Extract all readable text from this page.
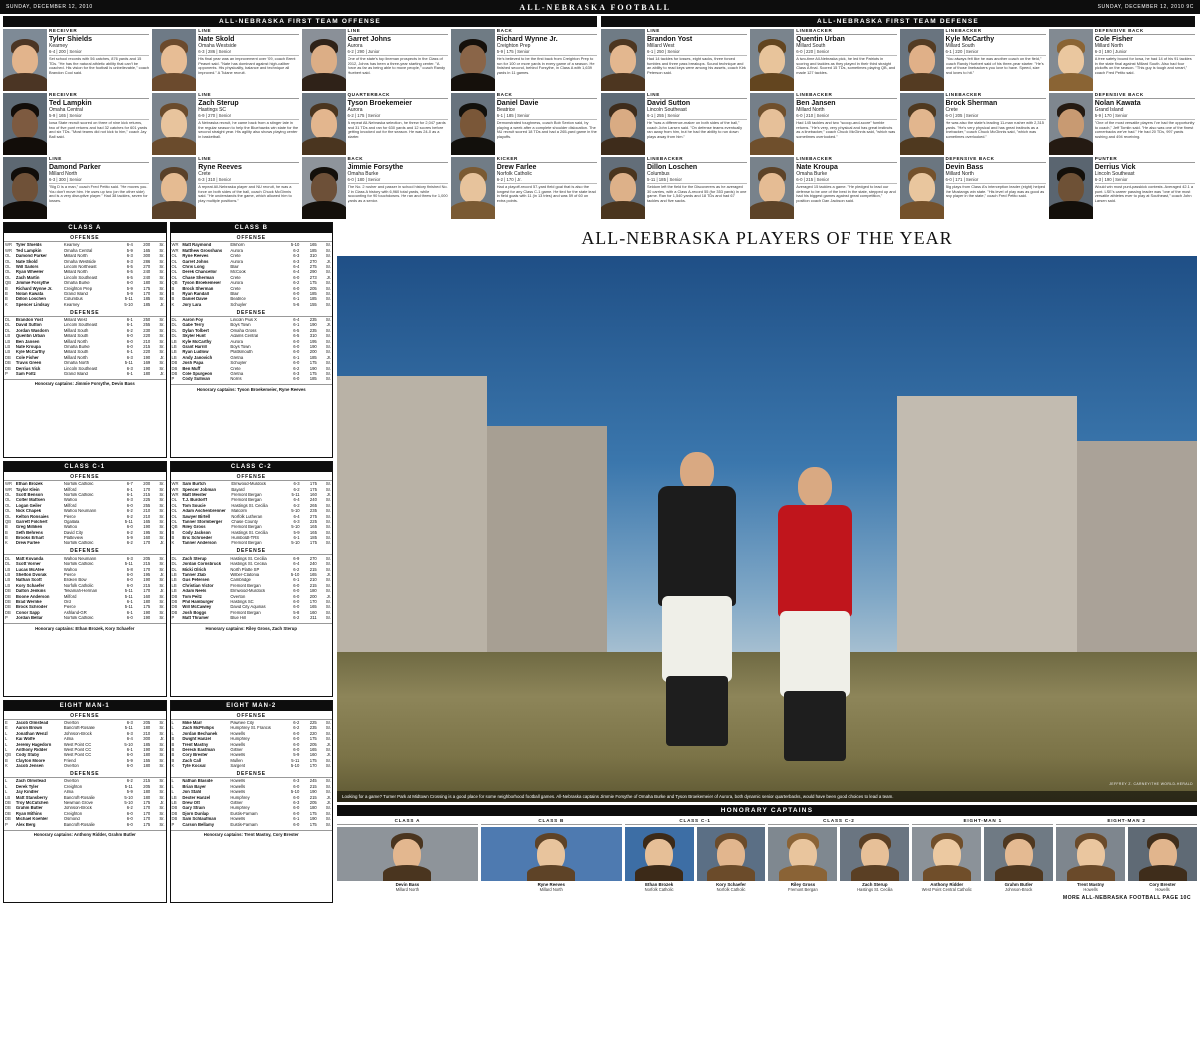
SUNDAY, DECEMBER 12, 2010	ALL-NEBRASKA FOOTBALL	SUNDAY, DECEMBER 12, 2010 9C
ALL-NEBRASKA FIRST TEAM OFFENSE
RECEIVER
Tyler Shields
Kearney
6-4 | 200 | Senior
Set school records with 56 catches, 876 yards and 15 TDs. "He has the natural athletic ability that can't be coached. His vision for the football is unbelievable," coach Brandon Cool said.
LINE
Nate Skold
Omaha Westside
6-3 | 286 | Senior
His final year was an improvement over '09, coach Brent Peasnt said. "Nate has dominant against high-caliber opponents. His physicality, balance and technique all improved." A Tulane recruit.
LINE
Garret Johns
Aurora
6-2 | 290 | Junior
One of the state's top lineman prospects in the Class of 2012, Johns has been a three-year starting center. "A force as far as being able to move people," coach Randy Huebert said.
BACK
Richard Wynne Jr.
Creighton Prep
5-9 | 175 | Senior
He's believed to be the first back from Creighton Prep to run for 100 or more yards in every game of a season. He finished second, behind Forsythe, in Class A with 1,639 yards in 11 games.
RECEIVER
Ted Lampkin
Omaha Central
5-9 | 165 | Senior
Iowa State recruit scored on three of nine kick returns, two of five punt returns and had 32 catches for 601 yards and six TDs. "Most teams did not kick to him," coach Jay Ball said.
LINE
Zach Sterup
Hastings SC
6-9 | 270 | Senior
A Nebraska recruit, he came back from a stinger late in the regular season to help the Bluehawks win state for the second straight year. His agility also shows playing center in basketball.
QUARTERBACK
Tyson Broekemeier
Aurora
6-2 | 175 | Senior
A repeat All-Nebraska selection, he threw for 2,047 yards and 31 TDs and ran for 630 yards and 12 scores before getting knocked out for the season. He was 24-0 as a starter.
BACK
Daniel Davie
Beatrice
6-1 | 185 | Senior
Demonstrated toughness, coach Bob Sexton said, by playing a week after a complete shoulder dislocation. The NU recruit scored 18 TDs and had a 265-yard game in the playoffs.
LINE
Damond Parker
Millard North
6-3 | 300 | Senior
"Big D is a man," coach Fred Petito said. "He moves you. You don't move him. He uses up two (on the other side) and is a very disruptive player." Had 38 tackles, seven for losses.
LINE
Ryne Reeves
Crete
6-3 | 310 | Senior
A repeat All-Nebraska player and NU recruit, he was a force on both sides of the ball, coach Chuck McGinnis said. "He understands the game, which allowed him to play multiple positions."
BACK
Jimmie Forsythe
Omaha Burke
6-0 | 180 | Senior
The No. 2 rusher and passer in school history finished No. 2 in Class A history with 6,960 total yards, while accounting for 90 touchdowns. He ran and threw for 1,000 yards as a senior.
KICKER
Drew Farlee
Norfolk Catholic
6-2 | 170 | Jr.
Had a playoff-record 57-yard field goal that is also the longest for any Class C-1 game. He tied for the state lead in field goals with 11 (in 13 tries) and was 59 of 60 on extra points.
ALL-NEBRASKA FIRST TEAM DEFENSE
LINE
Brandon Yost
Millard West
6-1 | 250 | Senior
Had 14 tackles for losses, eight sacks, three forced fumbles and three pass breakups. Sound technique and an ability to read keys were among his assets, coach Kirk Peterson said.
LINEBACKER
Quentin Urban
Millard South
6-0 | 220 | Senior
A two-time All-Nebraska pick, he led the Patriots in scoring and tackles as they played in their third straight Class A final. Scored 15 TDs, sometimes playing QB, and made 127 tackles.
LINEBACKER
Kyle McCarthy
Millard South
6-1 | 220 | Senior
"You always felt like he was another coach on the field," coach Randy Huebert said of his three-year starter. "He's one of those linebackers you love to have. Speed, size and loves to hit."
DEFENSIVE BACK
Cole Fisher
Millard North
6-3 | 190 | Junior
A free safety bound for Iowa, he had 14 of his 91 tackles in the state final against Millard South. Also had four pickoffs on the season. "This guy is tough and smart," coach Fred Petito said.
LINE
David Sutton
Lincoln Southeast
6-1 | 255 | Senior
He "was a difference-maker on both sides of the ball," coach John Larsen said. "On defense teams eventually ran away from him, but he had the ability to run down plays away from him."
LINEBACKER
Ben Jansen
Millard North
6-0 | 210 | Senior
Had 145 tackles and two "scoop-and-score" fumble returns. "He's very, very physical and has great instincts as a linebacker," coach Chuck McGinnis said, "which was sometimes overlooked."
LINEBACKER
Brock Sherman
Crete
6-0 | 205 | Senior
He was also the state's leading 11-man rusher with 2,315 yards. "He's very physical and has great instincts as a linebacker," coach Chuck McGinnis said, "which was sometimes overlooked."
DEFENSIVE BACK
Nolan Kawata
Grand Island
5-9 | 170 | Senior
"One of the most versatile players I've had the opportunity to coach," Jeff Tomlin said. "He also was one of the finest cornerbacks we've had." He had 20 TDs, 997 yards rushing and 494 receiving.
LINEBACKER
Dillon Loschen
Columbus
5-11 | 185 | Senior
Seldom left the field for the Discoverers as he averaged 30 carries, with a Class A-record 55 (for 353 yards) in one game. Ran for 1,540 yards and 18 TDs and had 67 tackles and five sacks.
LINEBACKER
Nate Kroupa
Omaha Burke
6-0 | 215 | Senior
Averaged 15 tackles a game. "He pledged to lead our defense to be one of the best in the state, stepped up and had his biggest games against great competition," position coach Dan Jackson said.
DEFENSIVE BACK
Devin Bass
Millard North
6-0 | 171 | Senior
Big plays from Class A's interception leader (eight) helped the Mustangs win state. "His level of play was as good as any player in the state," coach Fred Petito said.
PUNTER
Derrius Vick
Lincoln Southeast
6-3 | 190 | Senior
Would win most punt-passkick contests. Averaged 42.1 a punt. LSE's career passing leader was "one of the most versatile athletes ever to play at Southeast," coach John Larsen said.
CLASS A
OFFENSE
WR	Tyler Shields	Kearney	6-4	200	Sr.
WR	Ted Lampkin	Omaha Central	5-9	165	Sr.
OL	Damond Parker	Millard North	6-3	300	Sr.
OL	Nate Skold	Omaha Westside	6-3	286	Sr.
OL	Will Sailors	Lincoln Northeast	6-5	270	Sr.
OL	Ryan Wheeler	Millard North	6-5	240	Sr.
OL	Zach Martin	Lincoln Southeast	6-5	240	Sr.
QB	Jimmie Forsythe	Omaha Burke	6-0	180	Sr.
B	Richard Wynne Jr.	Creighton Prep	5-9	175	Sr.
B	Nolan Kawata	Grand Island	5-9	170	Sr.
B	Dillon Loschen	Columbus	5-11	185	Sr.
K	Spencer Lindsay	Kearney	5-10	185	Jr.
DEFENSE
DL	Brandon Yost	Millard West	6-1	250	Sr.
DL	David Sutton	Lincoln Southeast	6-1	255	Sr.
DL	Jordan Wasdorn	Millard South	6-2	230	Sr.
LB	Quentin Urban	Millard South	6-0	220	Sr.
LB	Ben Jansen	Millard North	6-0	210	Sr.
LB	Nate Kroupa	Omaha Burke	6-0	215	Sr.
LB	Kyle McCarthy	Millard South	6-1	220	Sr.
DB	Cole Fisher	Millard North	6-3	190	Jr.
DB	Travis Green	Omaha North	5-11	169	Sr.
DB	Derrius Vick	Lincoln Southeast	6-3	190	Sr.
P	Sam Foltz	Grand Island	6-1	180	Jr.
Honorary captains: Jimmie Forsythe, Devin Bass
CLASS B
OFFENSE
WR	Matt Raymond	Elkhorn	5-10	165	Sr.
WR	Matthew Grosshans	Aurora	6-2	185	Sr.
OL	Ryne Reeves	Crete	6-3	310	Sr.
OL	Garret Johns	Aurora	6-3	270	Jr.
OL	Chris Long	Blair	6-4	275	Sr.
OL	Derek Chancellor	McCook	6-4	290	Sr.
OL	Chase Sherman	Crete	6-0	273	Jr.
QB	Tyson Broekemeier	Aurora	6-2	175	Sr.
B	Brock Sherman	Crete	6-0	205	Sr.
B	Ryan Randall	Blair	6-0	185	Sr.
B	Daniel Davie	Beatrice	6-1	185	Sr.
K	Jory Lara	Schuyler	5-6	155	Sr.
DEFENSE
DL	Aaron Foy	Lincoln Pius X	6-4	235	Sr.
DL	Gabe Terry	Boys Town	6-1	190	Jr.
DL	Dylan Tolbert	Omaha Gross	6-5	235	Sr.
DL	Skyler Hunt	Adams Central	6-5	310	Sr.
LB	Kyle McCarthy	Aurora	6-0	195	Sr.
LB	Grant Harrill	Boys Town	6-0	190	Sr.
LB	Ryan Ludlow	Plattsmouth	6-0	200	Sr.
LB	Andy Janovich	Gretna	6-1	185	Jr.
DB	Josh Papa	Schuyler	6-0	175	Sr.
DB	Ben Muff	Crete	6-2	190	Sr.
DB	Cole Spurgeon	Gretna	6-3	175	Sr.
P	Cody Sullivan	Norris	6-0	185	Sr.
Honorary captains: Tyson Broekemeier, Ryne Reeves
CLASS C-1
OFFENSE
WR	Ethan Brozek	Norfolk Catholic	6-7	200	Sr.
WR	Taylor Klein	Milford	6-1	170	Sr.
OL	Scott Benson	Norfolk Catholic	6-1	215	Sr.
OL	Colter Mattsen	Wahoo	6-3	225	Sr.
OL	Logan Geiler	Milford	6-0	255	Sr.
OL	Nick Chapek	Wahoo Neumann	6-2	210	Sr.
OL	Kelton Ronsaies	Pierce	6-2	210	Sr.
QB	Garrett Folchert	Ogallala	5-11	165	Sr.
B	Greg Milliken	Wahoo	6-0	190	Sr.
B	Seth Behrens	David City	6-2	195	Sr.
B	Brooks Erhart	Platteview	5-9	160	Sr.
K	Drew Farlee	Norfolk Catholic	6-2	170	Jr.
DEFENSE
DL	Matt Kovanda	Wahoo Neumann	6-3	205	Sr.
DL	Scott Vorner	Norfolk Catholic	5-11	215	Sr.
LB	Lucas McAtee	Wahoo	5-8	170	Sr.
LB	Shelton Dvorak	Pierce	6-0	195	Jr.
LB	Nathan Scott	Broken Bow	6-0	190	Sr.
LB	Kory Schaefer	Norfolk Catholic	6-0	215	Sr.
DB	Dalton Jenkins	Tekamah-Herman	5-11	170	Jr.
DB	Boone Anderson	Milford	5-11	160	Sr.
DB	Brad Wernke	Ord	6-1	180	Sr.
DB	Brock Schroder	Pierce	5-11	175	Sr.
DB	Conor Sapp	Ashland-GR	6-1	190	Sr.
P	Jordan Bellar	Norfolk Catholic	6-0	190	Sr.
Honorary captains: Ethan Brozek, Kory Schaefer
CLASS C-2
OFFENSE
WR	Sam Burtch	Elmwood-Murdock	6-3	175	Sr.
WR	Spencer Jobman	Bayard	6-2	175	Sr.
WR	Matt Meister	Fremont Bergan	5-11	160	Jr.
OL	T.J. Burdorff	Fremont Bergan	6-4	240	Sr.
OL	Tom Soucie	Hastings St. Cecilia	6-2	265	Sr.
OL	Adam Aschenbrenner	Malcolm	5-10	235	Sr.
OL	Sawyer Birtell	Norfolk Lutheran	6-4	275	Sr.
OL	Tanner Stormberger	Chase County	6-3	225	Sr.
QB	Riley Gross	Fremont Bergan	5-10	165	Sr.
B	Cody Jackson	Hastings St. Cecilia	5-9	165	Sr.
B	Eric Schroeder	Humboldt-TRS	6-1	185	Sr.
K	Tanner Anderson	Fremont Bergan	5-10	175	Sr.
DEFENSE
DL	Zach Sterup	Hastings St. Cecilia	6-9	270	Sr.
DL	Jordan Cornsbruck	Hastings St. Cecilia	6-4	240	Sr.
DL	Micki Olrich	North Platte SP	6-2	215	Sr.
LB	Tanner Zlab	Wilber-Clatonia	5-10	165	Jr.
LB	Gus Petersen	Cambridge	6-1	210	Sr.
LB	Christian Victor	Fremont Bergan	6-0	215	Sr.
LB	Adam Neels	Elmwood-Murdock	6-0	180	Sr.
DB	Tom Peitz	Overton	6-0	200	Jr.
DB	Phil Hamburger	Hastings SC	6-0	170	Sr.
DB	Will McCawley	David City Aquinas	6-0	165	Sr.
DB	Josh Boggs	Fremont Bergan	5-8	160	Sr.
P	Matt Thramer	Blue Hill	6-2	211	Sr.
Honorary captains: Riley Gross, Zach Sterup
EIGHT MAN-1
OFFENSE
E	Jacob Olmstead	Overton	6-3	205	Sr.
E	Aaron Brown	Bancroft-Rosalie	5-11	180	Sr.
L	Jonathan Wenzl	Johnson-Brock	6-3	210	Sr.
L	Kai Wolfe	Alma	6-4	300	Jr.
L	Jeremy Hagedorn	West Point CC	5-10	185	Sr.
L	Anthony Ridder	West Point CC	6-1	190	Sr.
QB	Cody Stuby	West Point CC	6-0	180	Sr.
B	Clayton Moore	Friend	5-9	155	Sr.
K	Jacob Jensen	Overton	6-0	180	Sr.
DEFENSE
L	Zach Olmstead	Overton	6-2	215	Sr.
L	Derek Tyler	Creighton	5-11	205	Sr.
L	Jay Kindler	Alma	5-9	180	Sr.
LB	Matt Stansberry	Bancroft-Rosalie	5-10	180	Sr.
DB	Troy McCutchen	Newman Grove	5-10	175	Jr.
DB	Grahm Butler	Johnson-Brock	6-2	170	Sr.
DB	Ryan Mithins	Creighton	6-0	170	Sr.
DB	Michael Koehler	Osmond	6-0	170	Sr.
P	Alex Berg	Bancroft-Rosalie	6-0	175	Sr.
Honorary captains: Anthony Ridder, Grahm Butler
EIGHT MAN-2
OFFENSE
L	Mike Marr	Pawnee City	6-2	225	Sr.
L	Zach McPhillips	Humphrey St. Francis	6-2	235	Sr.
L	Jordan Bechanek	Howells	6-0	220	Sr.
B	Dwight Hanzel	Humphrey	6-0	175	Sr.
B	Trent Mastny	Howells	6-0	205	Jr.
B	Dereck Eastman	Giltner	6-0	165	Sr.
B	Cory Brester	Howells	5-9	160	Jr.
B	Zach Call	Mullen	5-11	175	Sr.
K	Tyte Kocsal	Sargent	5-10	170	Sr.
DEFENSE
L	Nathan Blaside	Howells	6-3	245	Sr.
L	Brian Bayer	Howells	6-0	215	Sr.
L	Jon Stahl	Howells	5-10	190	Sr.
LB	Dexter Hanzel	Humphrey	6-0	215	Jr.
LB	Drew Ott	Giltner	6-3	205	Jr.
DB	Gary Strain	Humphrey	6-0	180	Sr.
DB	Djorn Dunlap	Eustis-Farnam	6-0	175	Sr.
DB	Sam Schlaufman	Howells	6-1	190	Sr.
P	Carson Bellamy	Eustis-Farnam	6-0	175	Sr.
Honorary captains: Trent Mastny, Cory Brester
ALL-NEBRASKA PLAYERS OF THE YEAR
JEFFREY Z. CARNEY/THE WORLD-HERALD
Looking for a game? Turner Park at Midtown Crossing is a good place for some neighborhood football games. All-Nebraska captains Jimmie Forsythe of Omaha Burke and Tyson Broekemeier of Aurora, both dynamic senior quarterbacks, would have been good choices to lead a team.
HONORARY CAPTAINS
CLASS A
Devin Bass
Millard North
CLASS B
Ryne Reeves
Millard North
CLASS C-1
Ethan Brozek
Norfolk Catholic
Kory Schaefer
Norfolk Catholic
CLASS C-2
Riley Gross
Fremont Bergan
Zach Sterup
Hastings St. Cecilia
EIGHT-MAN 1
Anthony Ridder
West Point Central Catholic
Grahm Butler
Johnson-Brock
EIGHT-MAN 2
Trent Mastny
Howells
Cory Brester
Howells
MORE ALL-NEBRASKA FOOTBALL PAGE 10C
